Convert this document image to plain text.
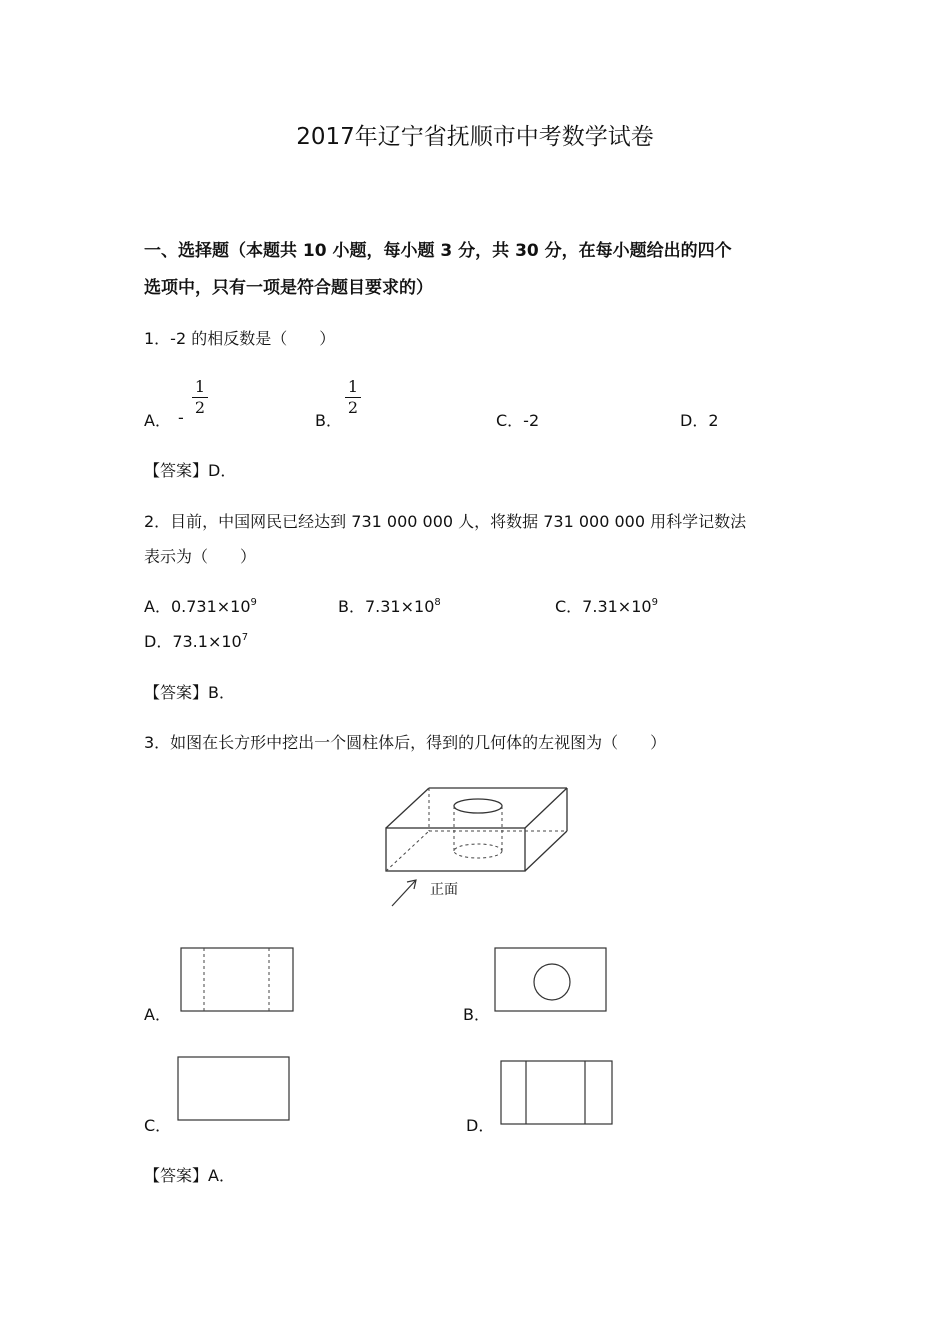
2017年辽宁省抚顺市中考数学试卷
一、选择题（本题共 10 小题，每小题 3 分，共 30 分，在每小题给出的四个
选项中，只有一项是符合题目要求的）
1．-2 的相反数是（　　）
A． -
1
2
B．
1
2
C．-2	D．2
【答案】D．
2．目前，中国网民已经达到 731 000 000 人，将数据 731 000 000 用科学记数法
表示为（　　）
A．$0.731\times 10^9$	B．$7.31\times 10^8$	C．$7.31\times 10^9$
D．$73.1\times 10^7$
【答案】B．
3．如图在长方形中挖出一个圆柱体后，得到的几何体的左视图为（　　）
正面
A．	B．
C．	D．
【答案】A．
